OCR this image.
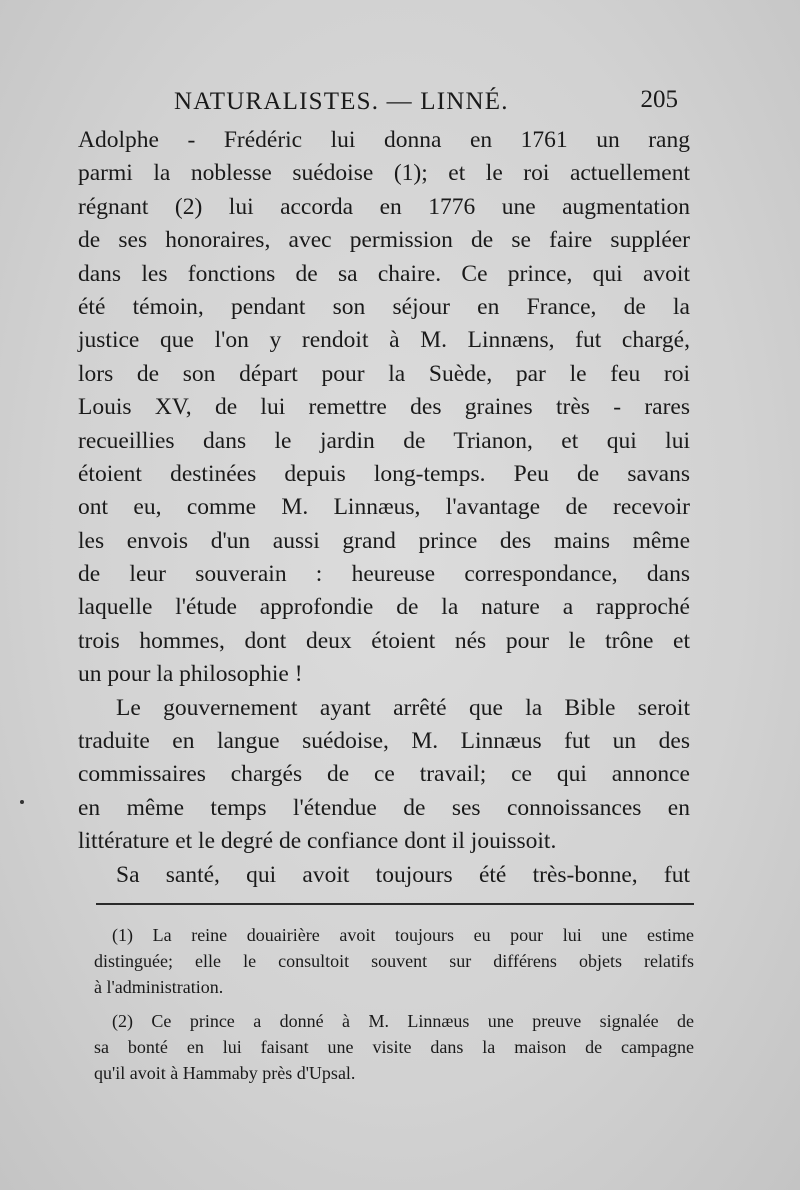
NATURALISTES. — LINNÉ.	205
Adolphe - Frédéric lui donna en 1761 un rang
parmi la noblesse suédoise (1); et le roi actuellement
régnant (2) lui accorda en 1776 une augmentation
de ses honoraires, avec permission de se faire suppléer
dans les fonctions de sa chaire. Ce prince, qui avoit
été témoin, pendant son séjour en France, de la
justice que l'on y rendoit à M. Linnæns, fut chargé,
lors de son départ pour la Suède, par le feu roi
Louis XV, de lui remettre des graines très - rares
recueillies dans le jardin de Trianon, et qui lui
étoient destinées depuis long-temps. Peu de savans
ont eu, comme M. Linnæus, l'avantage de recevoir
les envois d'un aussi grand prince des mains même
de leur souverain : heureuse correspondance, dans
laquelle l'étude approfondie de la nature a rapproché
trois hommes, dont deux étoient nés pour le trône et
un pour la philosophie !
Le gouvernement ayant arrêté que la Bible seroit
traduite en langue suédoise, M. Linnæus fut un des
commissaires chargés de ce travail; ce qui annonce
en même temps l'étendue de ses connoissances en
littérature et le degré de confiance dont il jouissoit.
Sa santé, qui avoit toujours été très-bonne, fut
(1) La reine douairière avoit toujours eu pour lui une estime
distinguée; elle le consultoit souvent sur différens objets relatifs
à l'administration.
(2) Ce prince a donné à M. Linnæus une preuve signalée de
sa bonté en lui faisant une visite dans la maison de campagne
qu'il avoit à Hammaby près d'Upsal.
